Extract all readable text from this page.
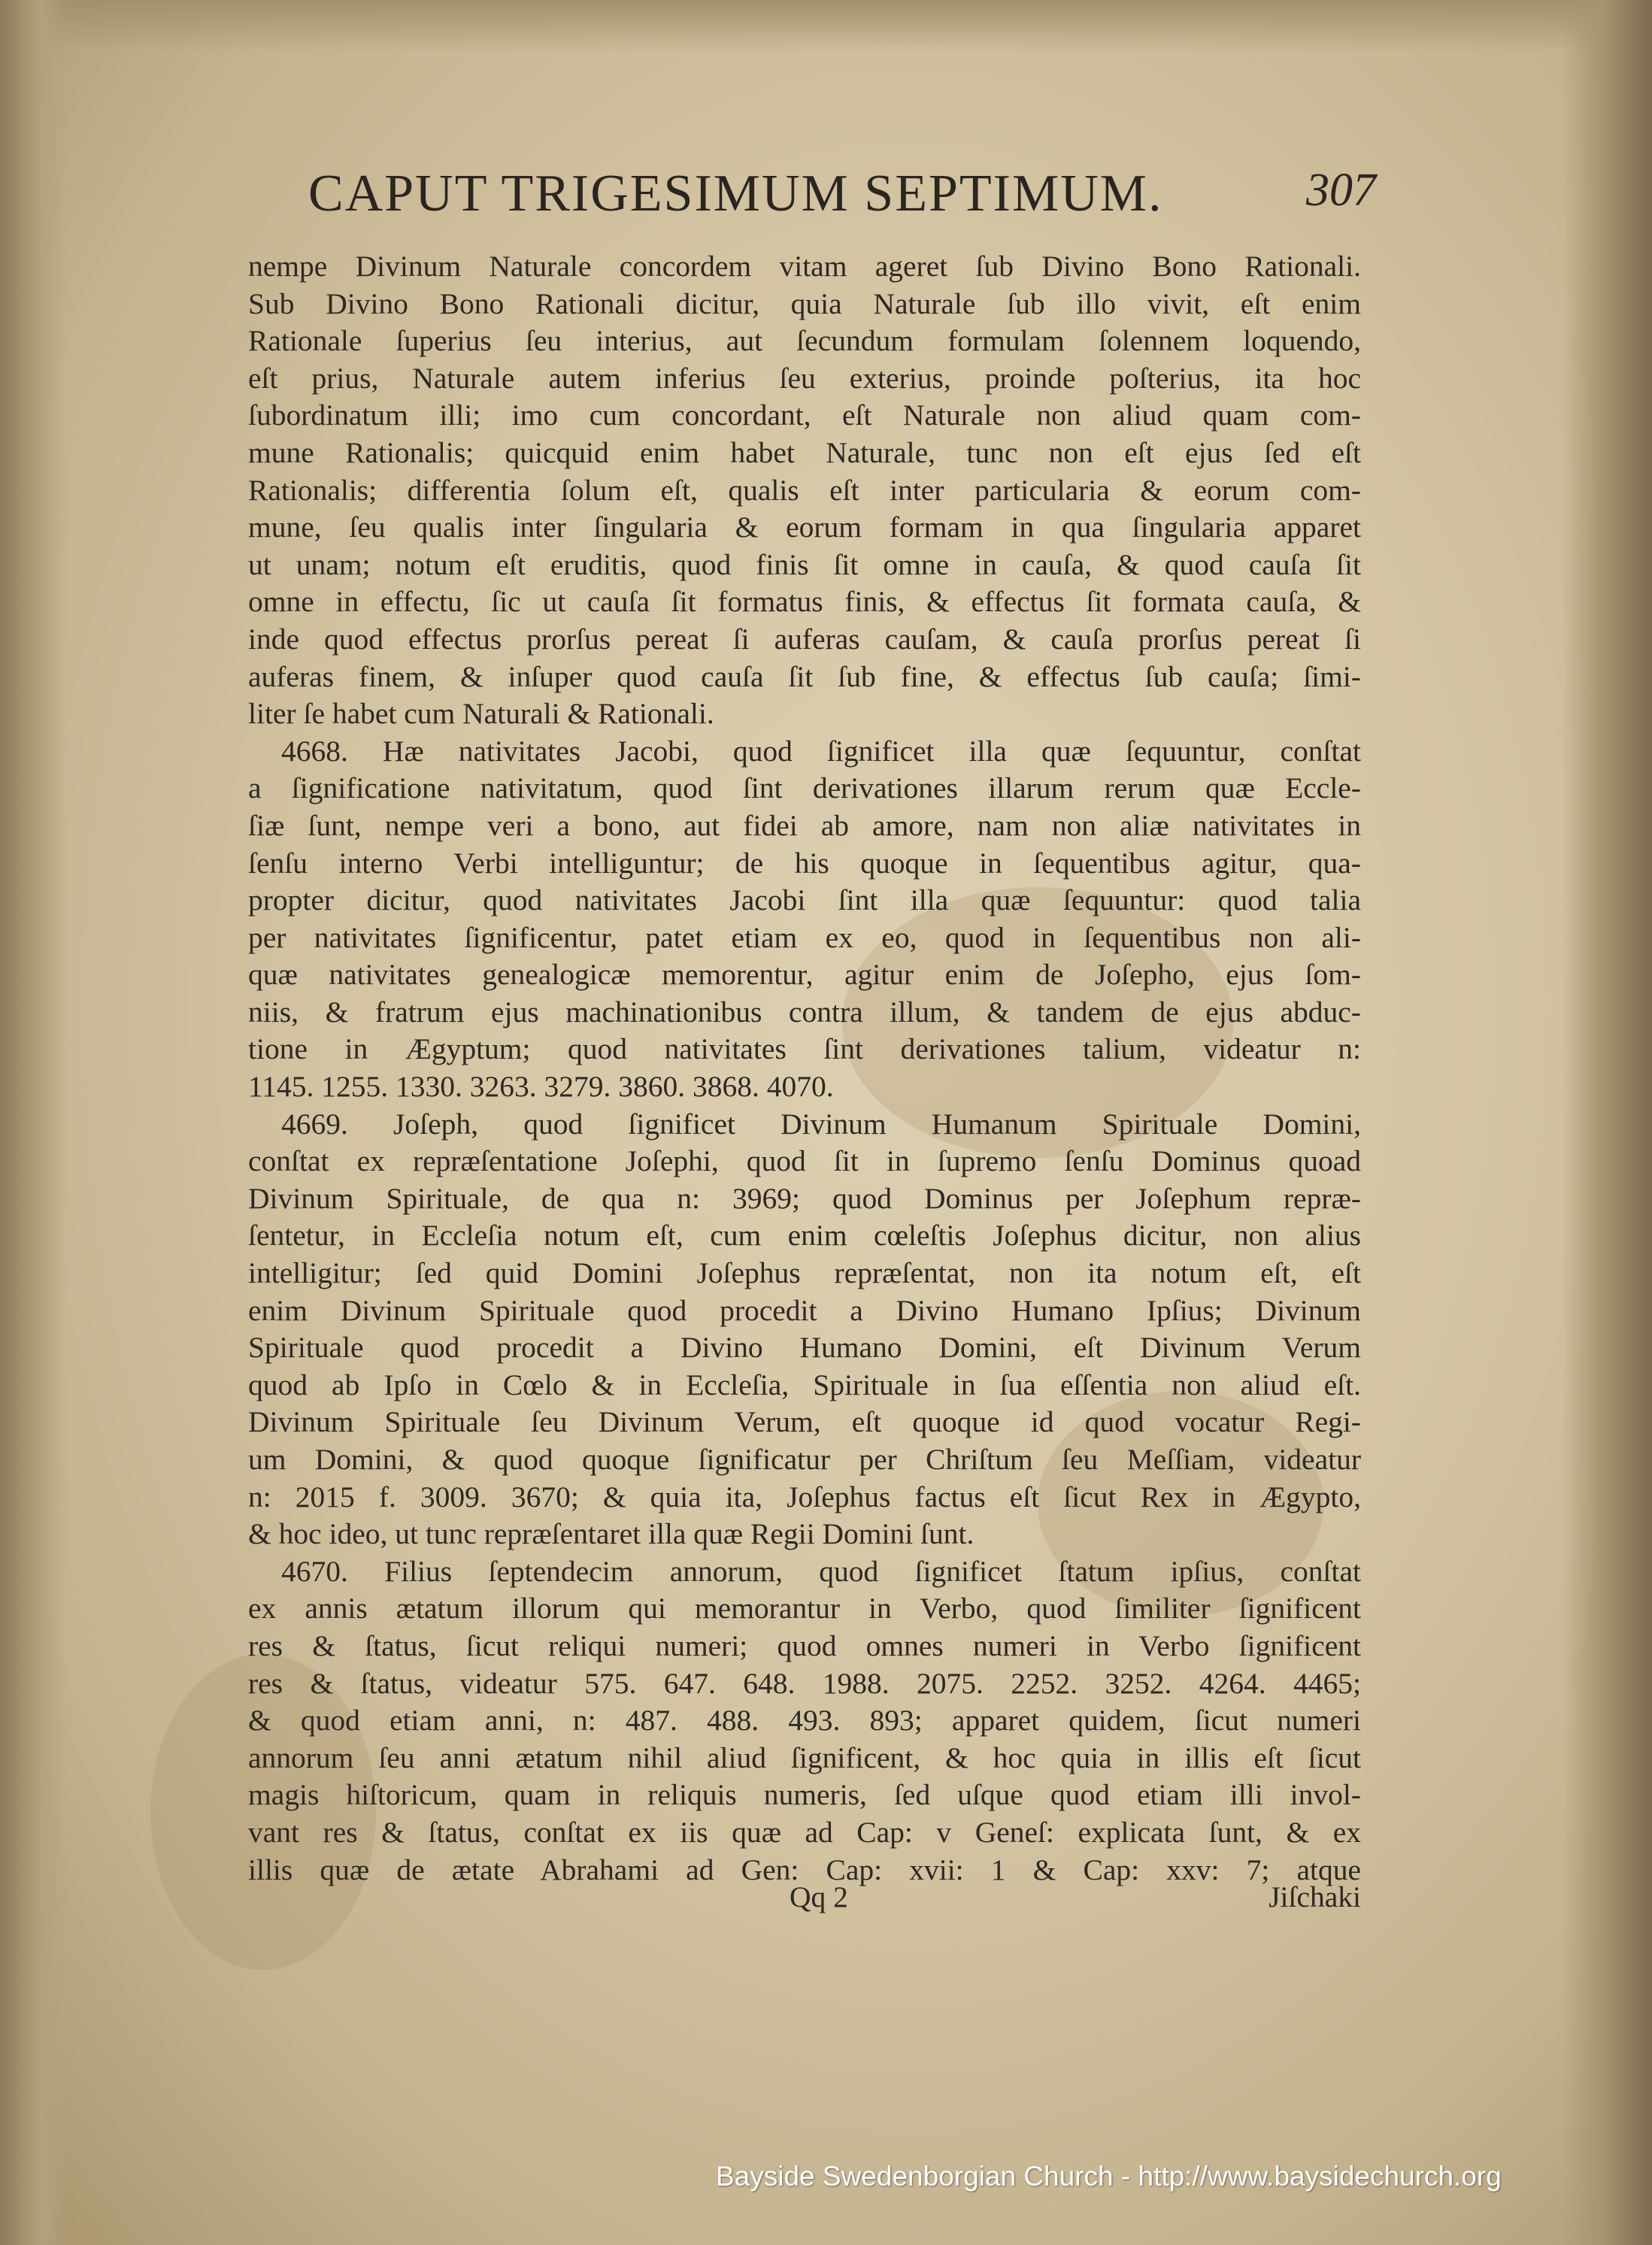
CAPUT TRIGESIMUM SEPTIMUM.	307
nempe Divinum Naturale concordem vitam ageret ſub Divino Bono Rationali.
Sub Divino Bono Rationali dicitur, quia Naturale ſub illo vivit, eſt enim
Rationale ſuperius ſeu interius, aut ſecundum formulam ſolennem loquendo,
eſt prius, Naturale autem inferius ſeu exterius, proinde poſterius, ita hoc
ſubordinatum illi; imo cum concordant, eſt Naturale non aliud quam com-
mune Rationalis; quicquid enim habet Naturale, tunc non eſt ejus ſed eſt
Rationalis; differentia ſolum eſt, qualis eſt inter particularia & eorum com-
mune, ſeu qualis inter ſingularia & eorum formam in qua ſingularia apparet
ut unam; notum eſt eruditis, quod finis ſit omne in cauſa, & quod cauſa ſit
omne in effectu, ſic ut cauſa ſit formatus finis, & effectus ſit formata cauſa, &
inde quod effectus prorſus pereat ſi auferas cauſam, & cauſa prorſus pereat ſi
auferas finem, & inſuper quod cauſa ſit ſub fine, & effectus ſub cauſa; ſimi-
liter ſe habet cum Naturali & Rationali.
4668. Hæ nativitates Jacobi, quod ſignificet illa quæ ſequuntur, conſtat
a ſignificatione nativitatum, quod ſint derivationes illarum rerum quæ Eccle-
ſiæ ſunt, nempe veri a bono, aut fidei ab amore, nam non aliæ nativitates in
ſenſu interno Verbi intelliguntur; de his quoque in ſequentibus agitur, qua-
propter dicitur, quod nativitates Jacobi ſint illa quæ ſequuntur: quod talia
per nativitates ſignificentur, patet etiam ex eo, quod in ſequentibus non ali-
quæ nativitates genealogicæ memorentur, agitur enim de Joſepho, ejus ſom-
niis, & fratrum ejus machinationibus contra illum, & tandem de ejus abduc-
tione in Ægyptum; quod nativitates ſint derivationes talium, videatur n:
1145. 1255. 1330. 3263. 3279. 3860. 3868. 4070.
4669. Joſeph, quod ſignificet Divinum Humanum Spirituale Domini,
conſtat ex repræſentatione Joſephi, quod ſit in ſupremo ſenſu Dominus quoad
Divinum Spirituale, de qua n: 3969; quod Dominus per Joſephum repræ-
ſentetur, in Eccleſia notum eſt, cum enim cœleſtis Joſephus dicitur, non alius
intelligitur; ſed quid Domini Joſephus repræſentat, non ita notum eſt, eſt
enim Divinum Spirituale quod procedit a Divino Humano Ipſius; Divinum
Spirituale quod procedit a Divino Humano Domini, eſt Divinum Verum
quod ab Ipſo in Cœlo & in Eccleſia, Spirituale in ſua eſſentia non aliud eſt.
Divinum Spirituale ſeu Divinum Verum, eſt quoque id quod vocatur Regi-
um Domini, & quod quoque ſignificatur per Chriſtum ſeu Meſſiam, videatur
n: 2015 f. 3009. 3670; & quia ita, Joſephus factus eſt ſicut Rex in Ægypto,
& hoc ideo, ut tunc repræſentaret illa quæ Regii Domini ſunt.
4670. Filius ſeptendecim annorum, quod ſignificet ſtatum ipſius, conſtat
ex annis ætatum illorum qui memorantur in Verbo, quod ſimiliter ſignificent
res & ſtatus, ſicut reliqui numeri; quod omnes numeri in Verbo ſignificent
res & ſtatus, videatur 575. 647. 648. 1988. 2075. 2252. 3252. 4264. 4465;
& quod etiam anni, n: 487. 488. 493. 893; apparet quidem, ſicut numeri
annorum ſeu anni ætatum nihil aliud ſignificent, & hoc quia in illis eſt ſicut
magis hiſtoricum, quam in reliquis numeris, ſed uſque quod etiam illi invol-
vant res & ſtatus, conſtat ex iis quæ ad Cap: v Geneſ: explicata ſunt, & ex
illis quæ de ætate Abrahami ad Gen: Cap: xvii: 1 & Cap: xxv: 7; atque
Qq 2	Jiſchaki
Bayside Swedenborgian Church - http://www.baysidechurch.org
